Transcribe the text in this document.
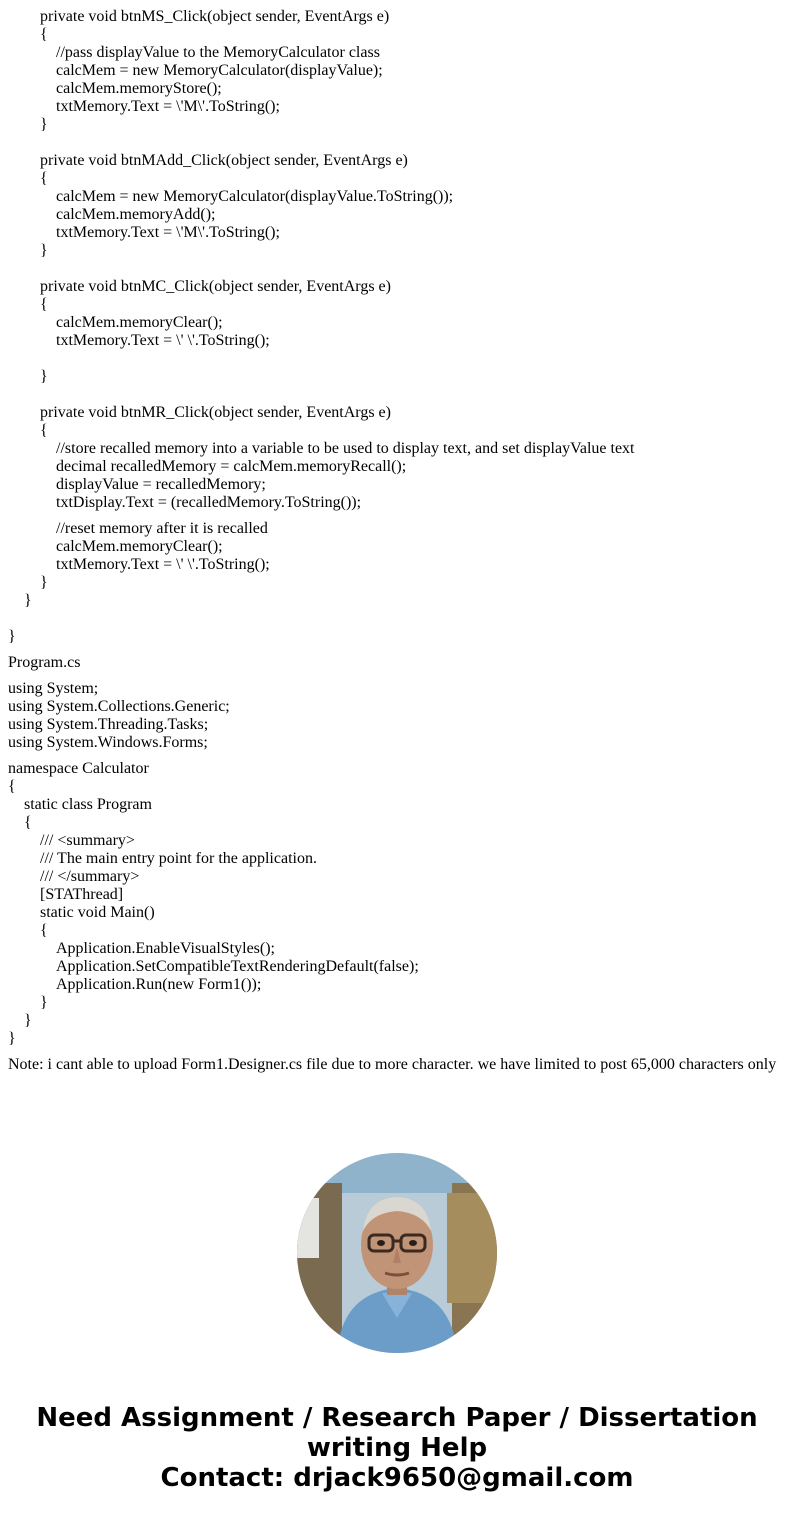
private void btnMS_Click(object sender, EventArgs e)
{
//pass displayValue to the MemoryCalculator class
calcMem = new MemoryCalculator(displayValue);
calcMem.memoryStore();
txtMemory.Text = \'M\'.ToString();
}
private void btnMAdd_Click(object sender, EventArgs e)
{
calcMem = new MemoryCalculator(displayValue.ToString());
calcMem.memoryAdd();
txtMemory.Text = \'M\'.ToString();
}
private void btnMC_Click(object sender, EventArgs e)
{
calcMem.memoryClear();
txtMemory.Text = \' \'.ToString();
}
private void btnMR_Click(object sender, EventArgs e)
{
//store recalled memory into a variable to be used to display text, and set displayValue text
decimal recalledMemory = calcMem.memoryRecall();
displayValue = recalledMemory;
txtDisplay.Text = (recalledMemory.ToString());
//reset memory after it is recalled
calcMem.memoryClear();
txtMemory.Text = \' \'.ToString();
}
}
}
Program.cs
using System;
using System.Collections.Generic;
using System.Threading.Tasks;
using System.Windows.Forms;
namespace Calculator
{
static class Program
{
/// <summary>
/// The main entry point for the application.
/// </summary>
[STAThread]
static void Main()
{
Application.EnableVisualStyles();
Application.SetCompatibleTextRenderingDefault(false);
Application.Run(new Form1());
}
}
}
Note: i cant able to upload Form1.Designer.cs file due to more character. we have limited to post 65,000 characters only
Need Assignment / Research Paper / Dissertation
writing Help
Contact: drjack9650@gmail.com
